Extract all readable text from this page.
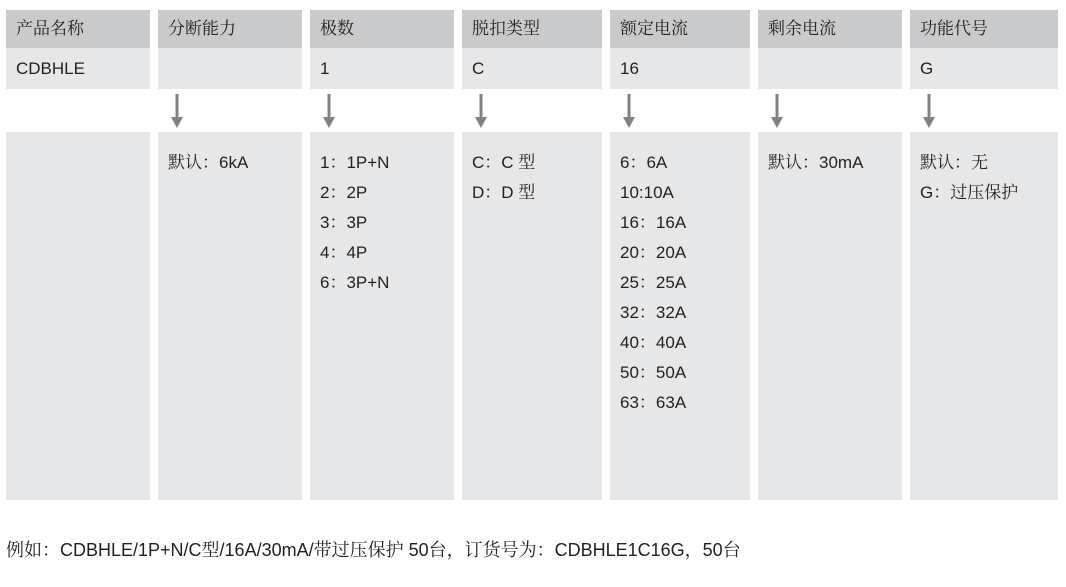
产品名称
CDBHLE
分断能力
默认：6kA
极数
1
1：1P+N
2：2P
3：3P
4：4P
6：3P+N
脱扣类型
C
C：C 型
D：D 型
额定电流
16
6：6A
10:10A
16：16A
20：20A
25：25A
32：32A
40：40A
50：50A
63：63A
剩余电流
默认：30mA
功能代号
G
默认：无
G：过压保护
例如：CDBHLE/1P+N/C型/16A/30mA/带过压保护 50台，订货号为：CDBHLE1C16G，50台
